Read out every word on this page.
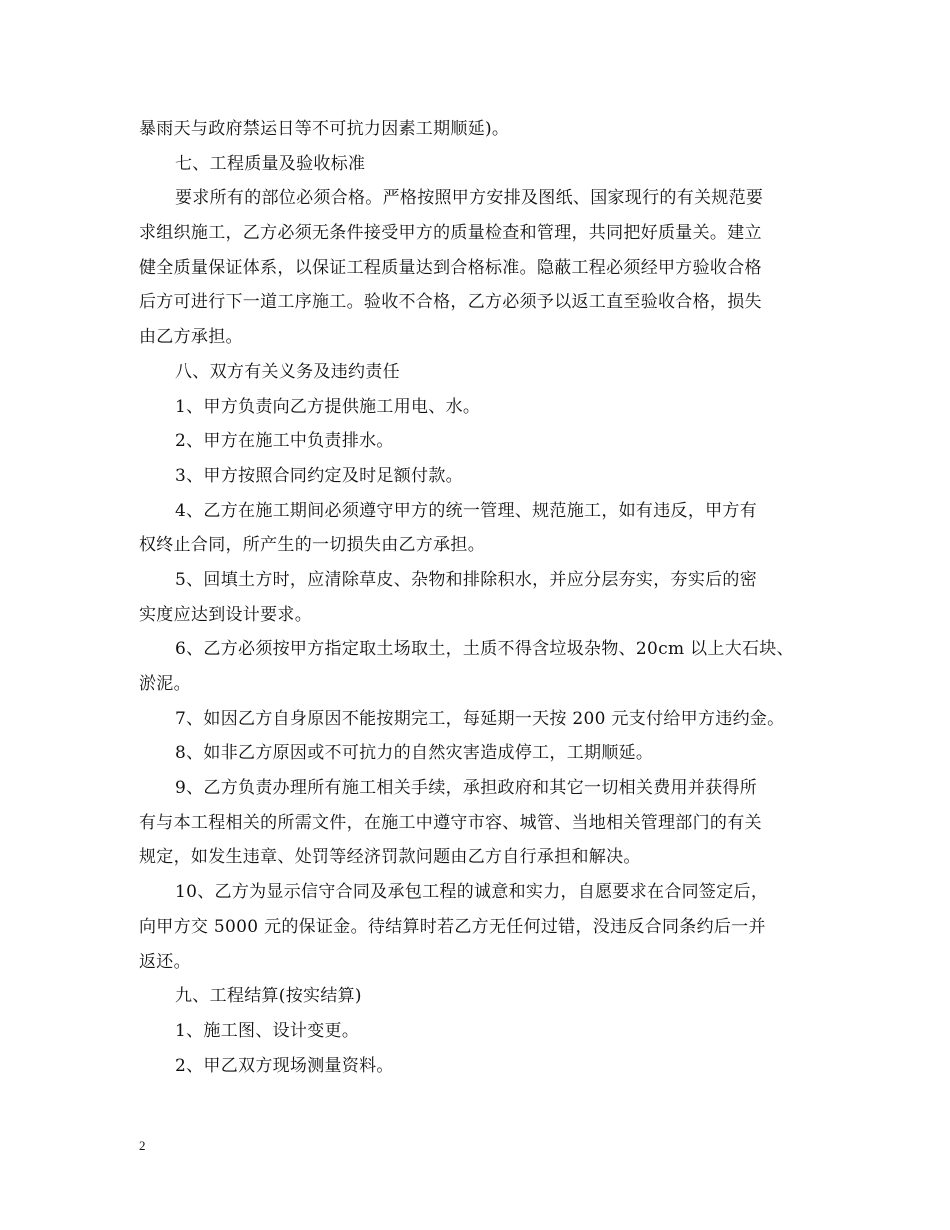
暴雨天与政府禁运日等不可抗力因素工期顺延)。
七、工程质量及验收标准
要求所有的部位必须合格。严格按照甲方安排及图纸、国家现行的有关规范要
求组织施工，乙方必须无条件接受甲方的质量检查和管理，共同把好质量关。建立
健全质量保证体系，以保证工程质量达到合格标准。隐蔽工程必须经甲方验收合格
后方可进行下一道工序施工。验收不合格，乙方必须予以返工直至验收合格，损失
由乙方承担。
八、双方有关义务及违约责任
1、甲方负责向乙方提供施工用电、水。
2、甲方在施工中负责排水。
3、甲方按照合同约定及时足额付款。
4、乙方在施工期间必须遵守甲方的统一管理、规范施工，如有违反，甲方有
权终止合同，所产生的一切损失由乙方承担。
5、回填土方时，应清除草皮、杂物和排除积水，并应分层夯实，夯实后的密
实度应达到设计要求。
6、乙方必须按甲方指定取土场取土，土质不得含垃圾杂物、20cm 以上大石块、
淤泥。
7、如因乙方自身原因不能按期完工，每延期一天按 200 元支付给甲方违约金。
8、如非乙方原因或不可抗力的自然灾害造成停工，工期顺延。
9、乙方负责办理所有施工相关手续，承担政府和其它一切相关费用并获得所
有与本工程相关的所需文件，在施工中遵守市容、城管、当地相关管理部门的有关
规定，如发生违章、处罚等经济罚款问题由乙方自行承担和解决。
10、乙方为显示信守合同及承包工程的诚意和实力，自愿要求在合同签定后，
向甲方交 5000 元的保证金。待结算时若乙方无任何过错，没违反合同条约后一并
返还。
九、工程结算(按实结算)
1、施工图、设计变更。
2、甲乙双方现场测量资料。
2
